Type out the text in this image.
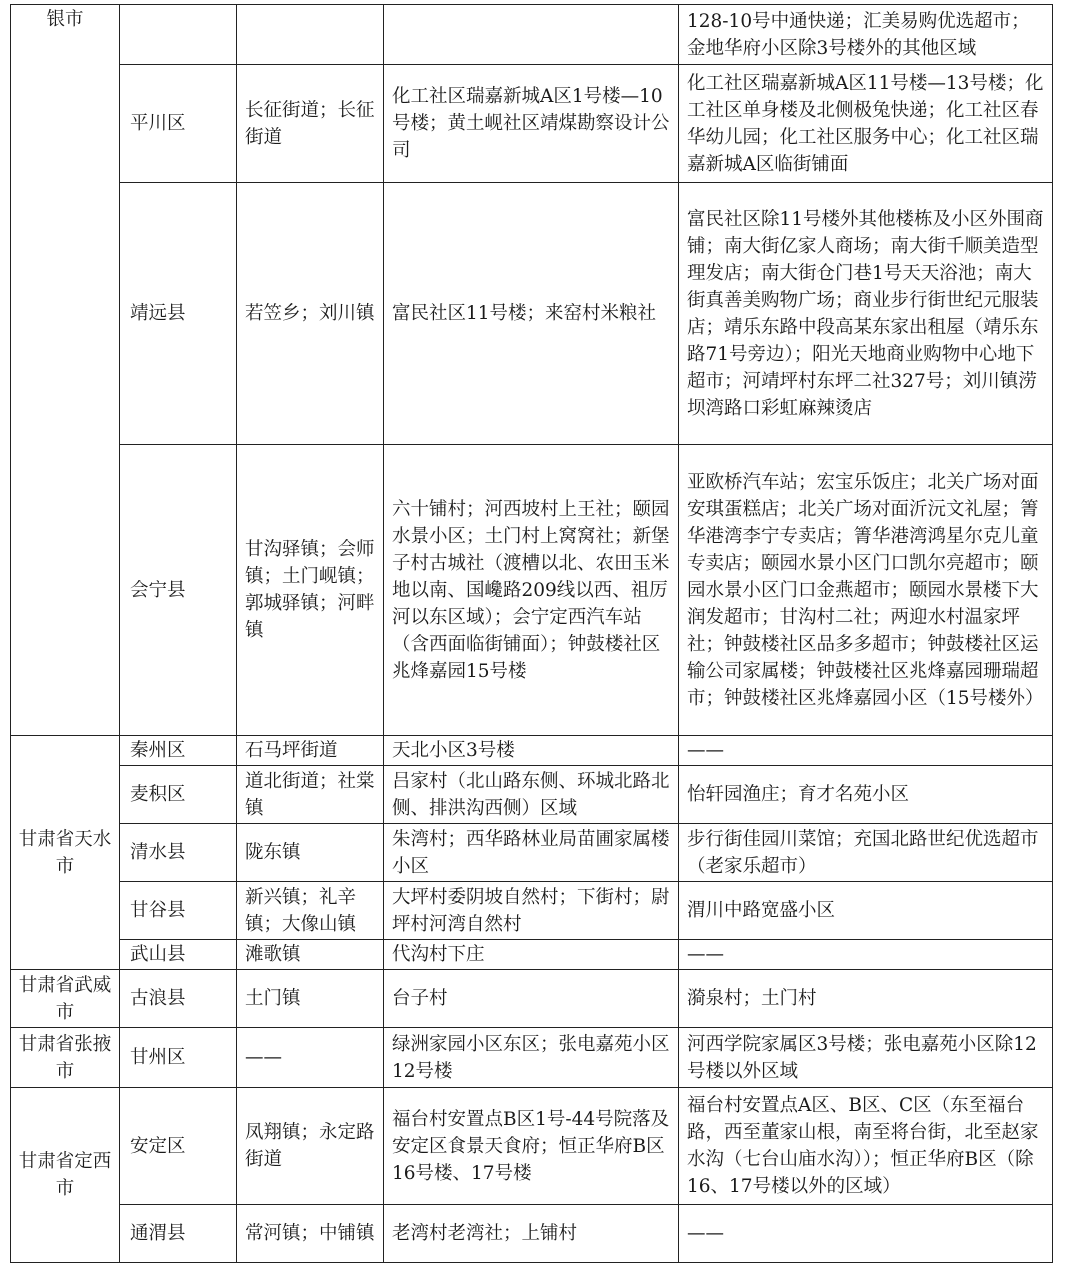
银市				128-10号中通快递；汇美易购优选超市；金地华府小区除3号楼外的其他区域
	平川区	长征街道；长征街道	化工社区瑞嘉新城A区1号楼—10号楼；黄土岘社区靖煤勘察设计公司	化工社区瑞嘉新城A区11号楼—13号楼；化工社区单身楼及北侧极兔快递；化工社区春华幼儿园；化工社区服务中心；化工社区瑞嘉新城A区临街铺面
	靖远县	若笠乡；刘川镇	富民社区11号楼；来窑村米粮社	富民社区除11号楼外其他楼栋及小区外围商铺；南大街亿家人商场；南大街千顺美造型理发店；南大街仓门巷1号天天浴池；南大街真善美购物广场；商业步行街世纪元服装店；靖乐东路中段高某东家出租屋（靖乐东路71号旁边）；阳光天地商业购物中心地下超市；河靖坪村东坪二社327号；刘川镇涝坝湾路口彩虹麻辣烫店
	会宁县	甘沟驿镇；会师镇；土门岘镇；郭城驿镇；河畔镇	六十铺村；河西坡村上王社；颐园水景小区；土门村上窝窝社；新堡子村古城社（渡槽以北、农田玉米地以南、国巉路209线以西、祖厉河以东区域）；会宁定西汽车站（含西面临街铺面）；钟鼓楼社区兆烽嘉园15号楼	亚欧桥汽车站；宏宝乐饭庄；北关广场对面安琪蛋糕店；北关广场对面沂沅文礼屋；箐华港湾李宁专卖店；箐华港湾鸿星尔克儿童专卖店；颐园水景小区门口凯尔亮超市；颐园水景小区门口金燕超市；颐园水景楼下大润发超市；甘沟村二社；两迎水村温家坪社；钟鼓楼社区品多多超市；钟鼓楼社区运输公司家属楼；钟鼓楼社区兆烽嘉园珊瑞超市；钟鼓楼社区兆烽嘉园小区（15号楼外）
甘肃省天水市	秦州区	石马坪街道	天北小区3号楼	——
	麦积区	道北街道；社棠镇	吕家村（北山路东侧、环城北路北侧、排洪沟西侧）区域	怡轩园渔庄；育才名苑小区
	清水县	陇东镇	朱湾村；西华路林业局苗圃家属楼小区	步行街佳园川菜馆；充国北路世纪优选超市（老家乐超市）
	甘谷县	新兴镇；礼辛镇；大像山镇	大坪村委阴坡自然村；下街村；尉坪村河湾自然村	渭川中路宽盛小区
	武山县	滩歌镇	代沟村下庄	——
甘肃省武威市	古浪县	土门镇	台子村	漪泉村；土门村
甘肃省张掖市	甘州区	——	绿洲家园小区东区；张电嘉苑小区12号楼	河西学院家属区3号楼；张电嘉苑小区除12号楼以外区域
甘肃省定西市	安定区	凤翔镇；永定路街道	福台村安置点B区1号-44号院落及安定区食景天食府；恒正华府B区16号楼、17号楼	福台村安置点A区、B区、C区（东至福台路，西至董家山根，南至将台街，北至赵家水沟（七台山庙水沟））；恒正华府B区（除16、17号楼以外的区域）
	通渭县	常河镇；中铺镇	老湾村老湾社；上铺村	——
